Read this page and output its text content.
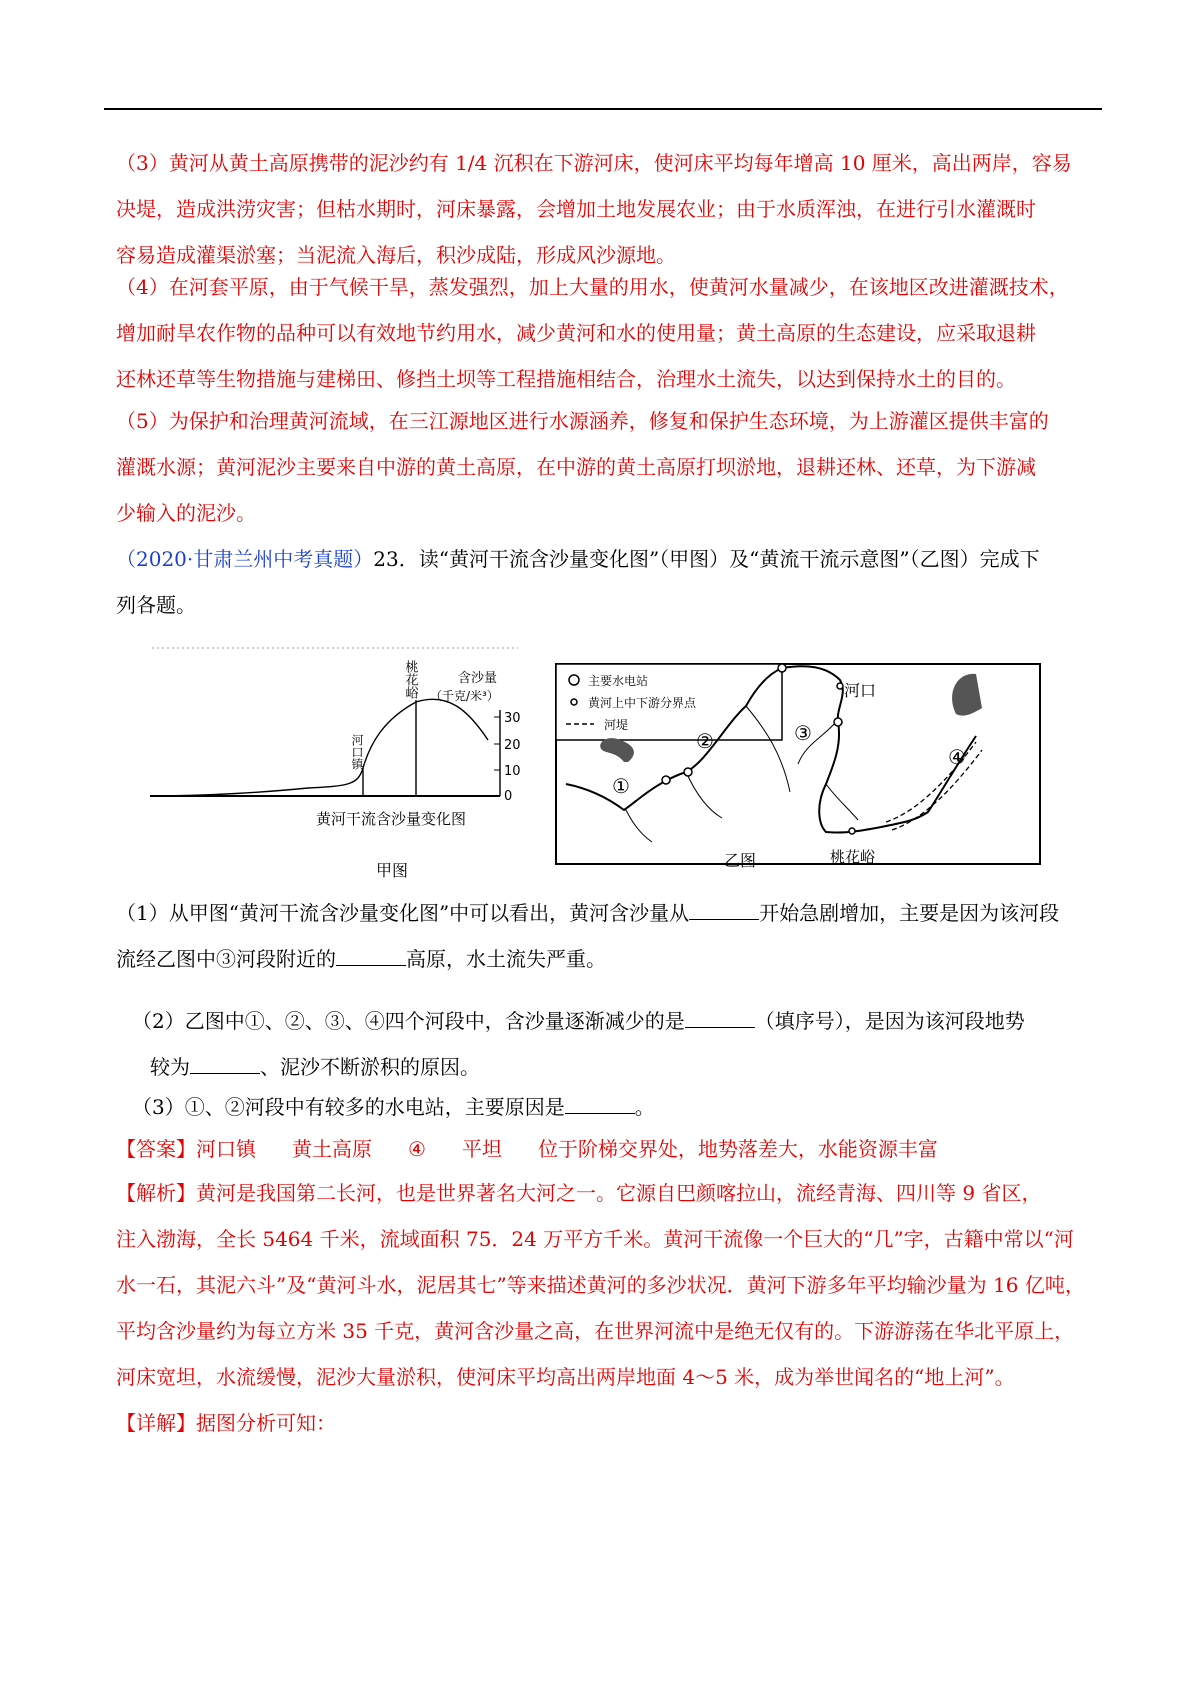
（3）黄河从黄土高原携带的泥沙约有 1/4 沉积在下游河床，使河床平均每年增高 10 厘米，高出两岸，容易
决堤，造成洪涝灾害；但枯水期时，河床暴露，会增加土地发展农业；由于水质浑浊，在进行引水灌溉时
容易造成灌渠淤塞；当泥流入海后，积沙成陆，形成风沙源地。
（4）在河套平原，由于气候干旱，蒸发强烈，加上大量的用水，使黄河水量减少，在该地区改进灌溉技术，
增加耐旱农作物的品种可以有效地节约用水，减少黄河和水的使用量；黄土高原的生态建设，应采取退耕
还林还草等生物措施与建梯田、修挡土坝等工程措施相结合，治理水土流失，以达到保持水土的目的。
（5）为保护和治理黄河流域，在三江源地区进行水源涵养，修复和保护生态环境，为上游灌区提供丰富的
灌溉水源；黄河泥沙主要来自中游的黄土高原，在中游的黄土高原打坝淤地，退耕还林、还草，为下游减
少输入的泥沙。
（2020·甘肃兰州中考真题）23．读“黄河干流含沙量变化图”（甲图）及“黄流干流示意图”（乙图）完成下
列各题。
30
20
10
0
含沙量
（千克/米³）
桃花峪
河口镇
黄河干流含沙量变化图
甲图
主要水电站
黄河上中下游分界点
河堤
河口
桃花峪
①
②	③
④
乙图
（1）从甲图“黄河干流含沙量变化图”中可以看出，黄河含沙量从	开始急剧增加，主要是因为该河段
流经乙图中③河段附近的	高原，水土流失严重。
（2）乙图中①、②、③、④四个河段中，含沙量逐渐减少的是	（填序号），是因为该河段地势
较为	、泥沙不断淤积的原因。
（3）①、②河段中有较多的水电站，主要原因是	。
【答案】河口镇 黄土高原 ④ 平坦 位于阶梯交界处，地势落差大，水能资源丰富
【解析】黄河是我国第二长河，也是世界著名大河之一。它源自巴颜喀拉山，流经青海、四川等 9 省区，
注入渤海，全长 5464 千米，流域面积 75．24 万平方千米。黄河干流像一个巨大的“几”字，古籍中常以“河
水一石，其泥六斗”及“黄河斗水，泥居其七”等来描述黄河的多沙状况．黄河下游多年平均输沙量为 16 亿吨，
平均含沙量约为每立方米 35 千克，黄河含沙量之高，在世界河流中是绝无仅有的。下游游荡在华北平原上，
河床宽坦，水流缓慢，泥沙大量淤积，使河床平均高出两岸地面 4～5 米，成为举世闻名的“地上河”。
【详解】据图分析可知：
